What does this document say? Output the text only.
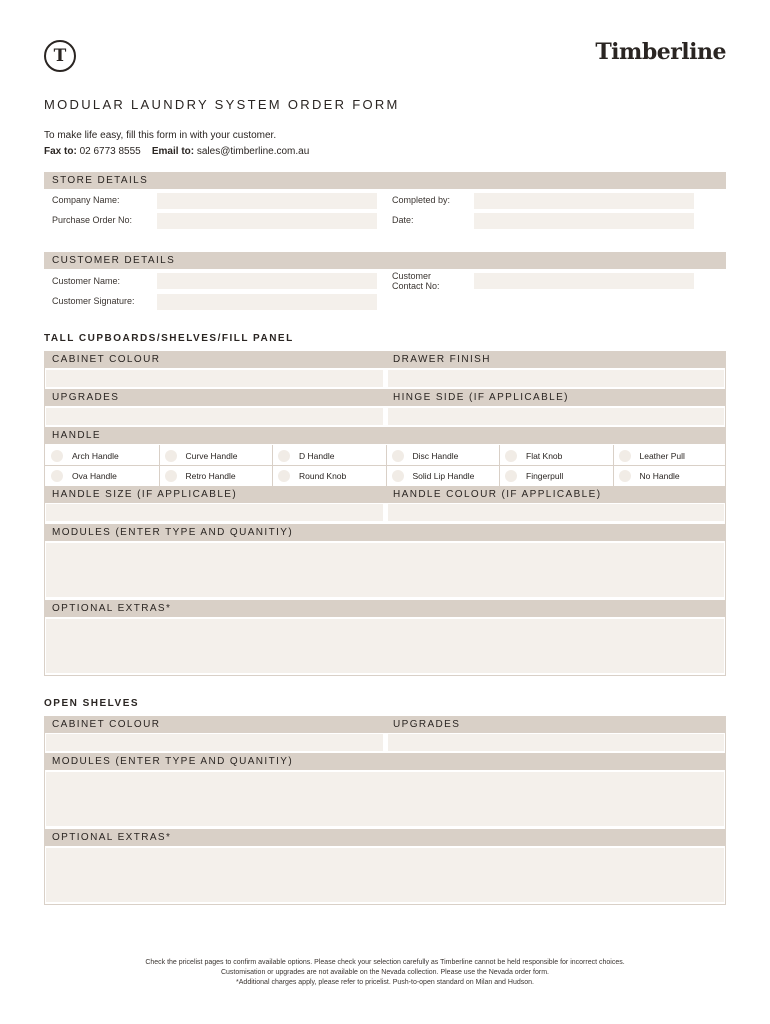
T	Timberline
MODULAR LAUNDRY SYSTEM ORDER FORM
To make life easy, fill this form in with your customer.
Fax to: 02 6773 8555 Email to: sales@timberline.com.au
STORE DETAILS
Company Name:	Completed by:
Purchase Order No:	Date:
CUSTOMER DETAILS
Customer Name:	Customer
Contact No:
Customer Signature:
TALL CUPBOARDS/SHELVES/FILL PANEL
CABINET COLOUR	DRAWER FINISH
UPGRADES	HINGE SIDE (IF APPLICABLE)
HANDLE
Arch Handle	Curve Handle	D Handle	Disc Handle	Flat Knob	Leather Pull
Ova Handle	Retro Handle	Round Knob	Solid Lip Handle	Fingerpull	No Handle
HANDLE SIZE (IF APPLICABLE)	HANDLE COLOUR (IF APPLICABLE)
MODULES (ENTER TYPE AND QUANITIY)
OPTIONAL EXTRAS*
OPEN SHELVES
CABINET COLOUR	UPGRADES
MODULES (ENTER TYPE AND QUANITIY)
OPTIONAL EXTRAS*
Check the pricelist pages to confirm available options. Please check your selection carefully as Timberline cannot be held responsible for incorrect choices.
Customisation or upgrades are not available on the Nevada collection. Please use the Nevada order form.
*Additional charges apply, please refer to pricelist. Push-to-open standard on Milan and Hudson.
